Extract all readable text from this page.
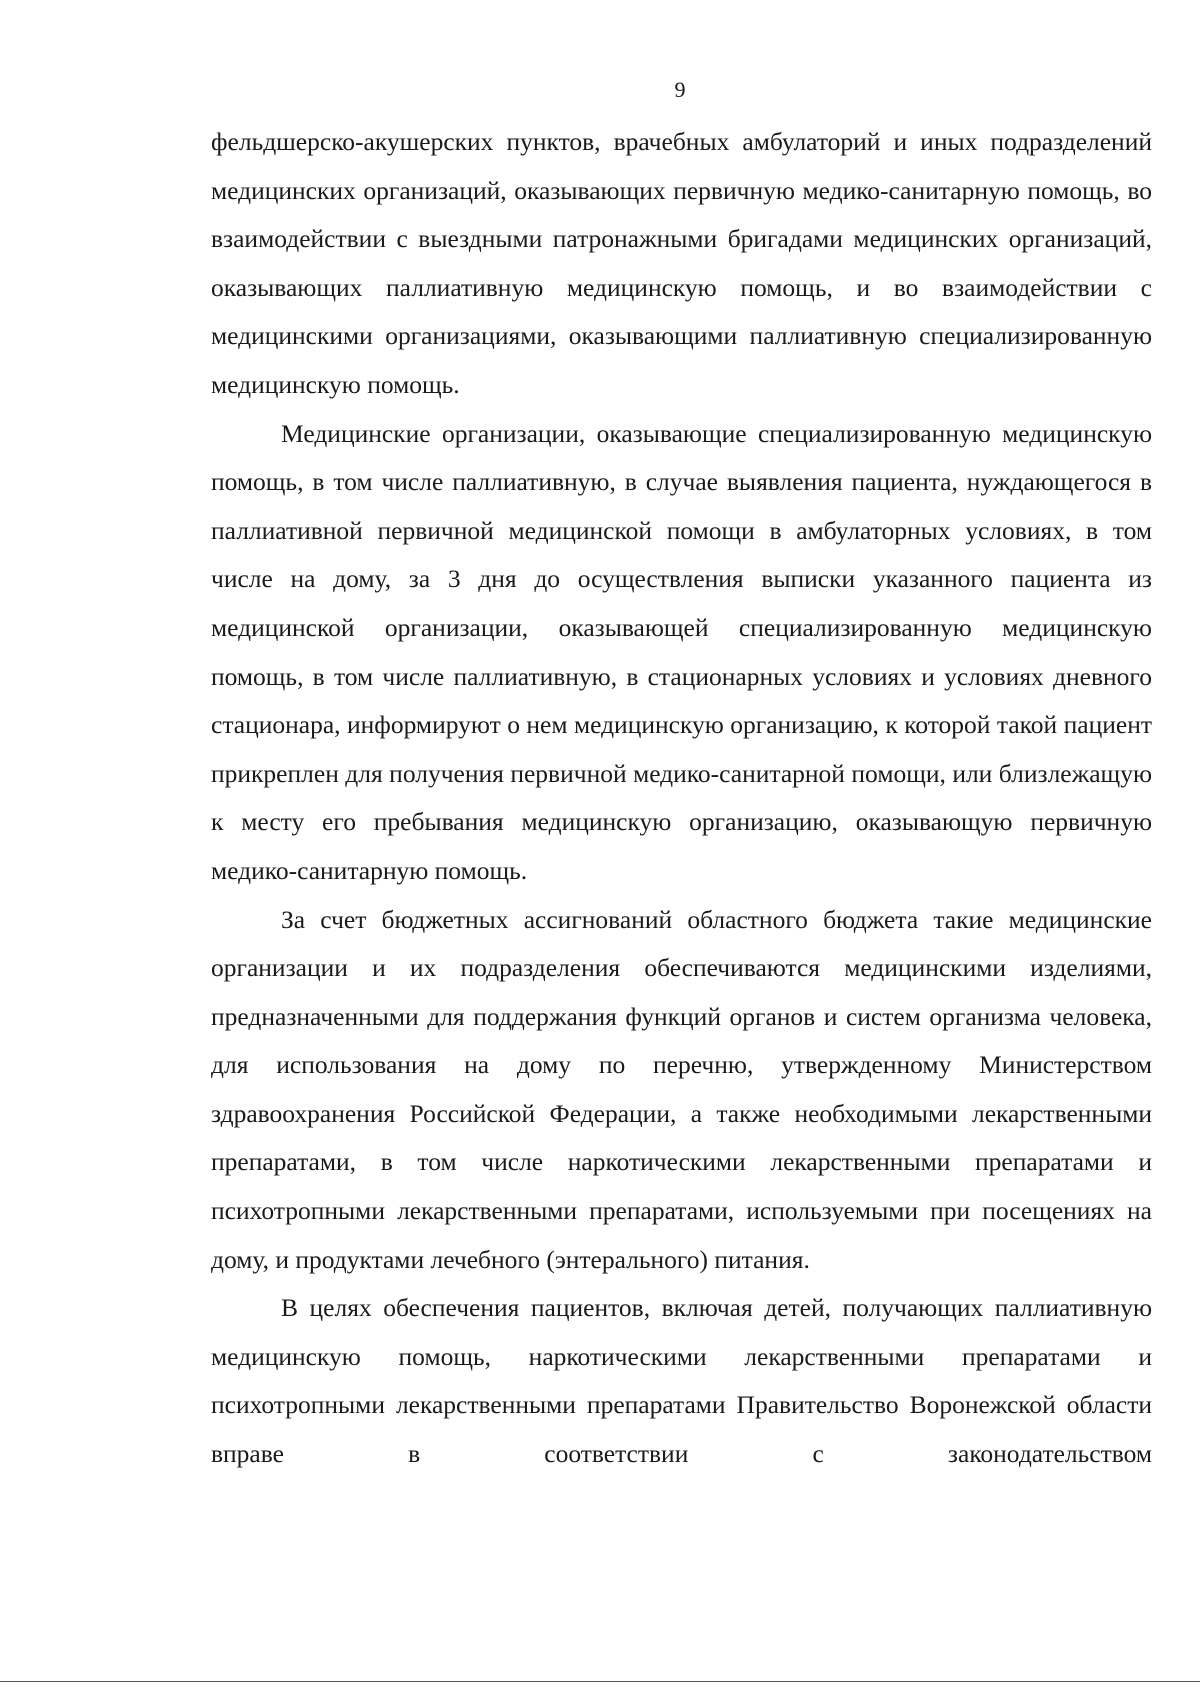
9

фельдшерско-акушерских пунктов, врачебных амбулаторий и иных подразделений медицинских организаций, оказывающих первичную медико-санитарную помощь, во взаимодействии с выездными патронажными бригадами медицинских организаций, оказывающих паллиативную медицинскую помощь, и во взаимодействии с медицинскими организациями, оказывающими паллиативную специализированную медицинскую помощь.

Медицинские организации, оказывающие специализированную медицинскую помощь, в том числе паллиативную, в случае выявления пациента, нуждающегося в паллиативной первичной медицинской помощи в амбулаторных условиях, в том числе на дому, за 3 дня до осуществления выписки указанного пациента из медицинской организации, оказывающей специализированную медицинскую помощь, в том числе паллиативную, в стационарных условиях и условиях дневного стационара, информируют о нем медицинскую организацию, к которой такой пациент прикреплен для получения первичной медико-санитарной помощи, или близлежащую к месту его пребывания медицинскую организацию, оказывающую первичную медико-санитарную помощь.

За счет бюджетных ассигнований областного бюджета такие медицинские организации и их подразделения обеспечиваются медицинскими изделиями, предназначенными для поддержания функций органов и систем организма человека, для использования на дому по перечню, утвержденному Министерством здравоохранения Российской Федерации, а также необходимыми лекарственными препаратами, в том числе наркотическими лекарственными препаратами и психотропными лекарственными препаратами, используемыми при посещениях на дому, и продуктами лечебного (энтерального) питания.

В целях обеспечения пациентов, включая детей, получающих паллиативную медицинскую помощь, наркотическими лекарственными препаратами и психотропными лекарственными препаратами Правительство Воронежской области вправе в соответствии с законодательством
